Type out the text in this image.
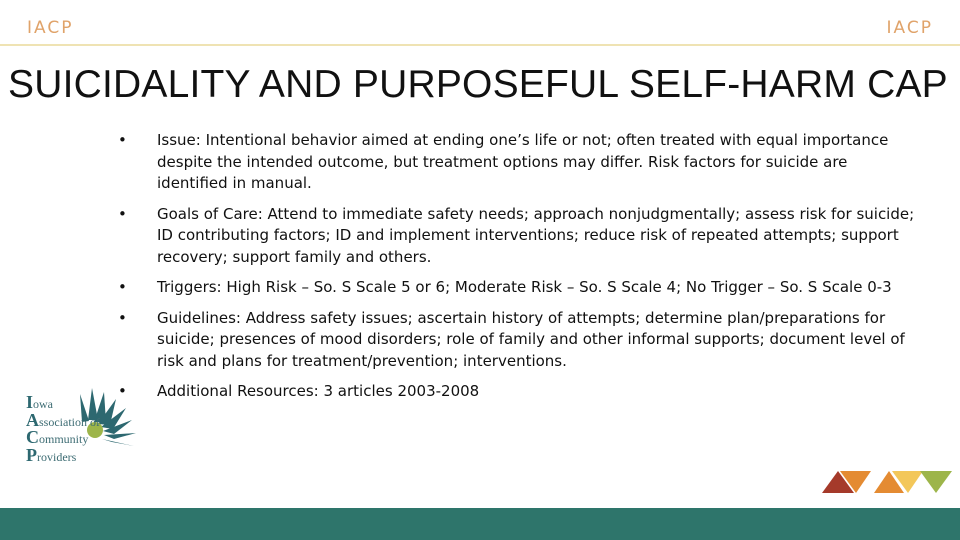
IACP	IACP
SUICIDALITY AND PURPOSEFUL SELF-HARM CAP
• Issue: Intentional behavior aimed at ending one’s life or not; often treated with equal importance despite the intended outcome, but treatment options may differ. Risk factors for suicide are identified in manual.
• Goals of Care: Attend to immediate safety needs; approach nonjudgmentally; assess risk for suicide; ID contributing factors; ID and implement interventions; reduce risk of repeated attempts; support recovery; support family and others.
• Triggers: High Risk – So. S Scale 5 or 6; Moderate Risk – So. S Scale 4; No Trigger – So. S Scale 0-3
• Guidelines: Address safety issues; ascertain history of attempts; determine plan/preparations for suicide; presences of mood disorders; role of family and other informal supports; document level of risk and plans for treatment/prevention; interventions.
• Additional Resources: 3 articles 2003-2008
Iowa
Association of
Community
Providers
